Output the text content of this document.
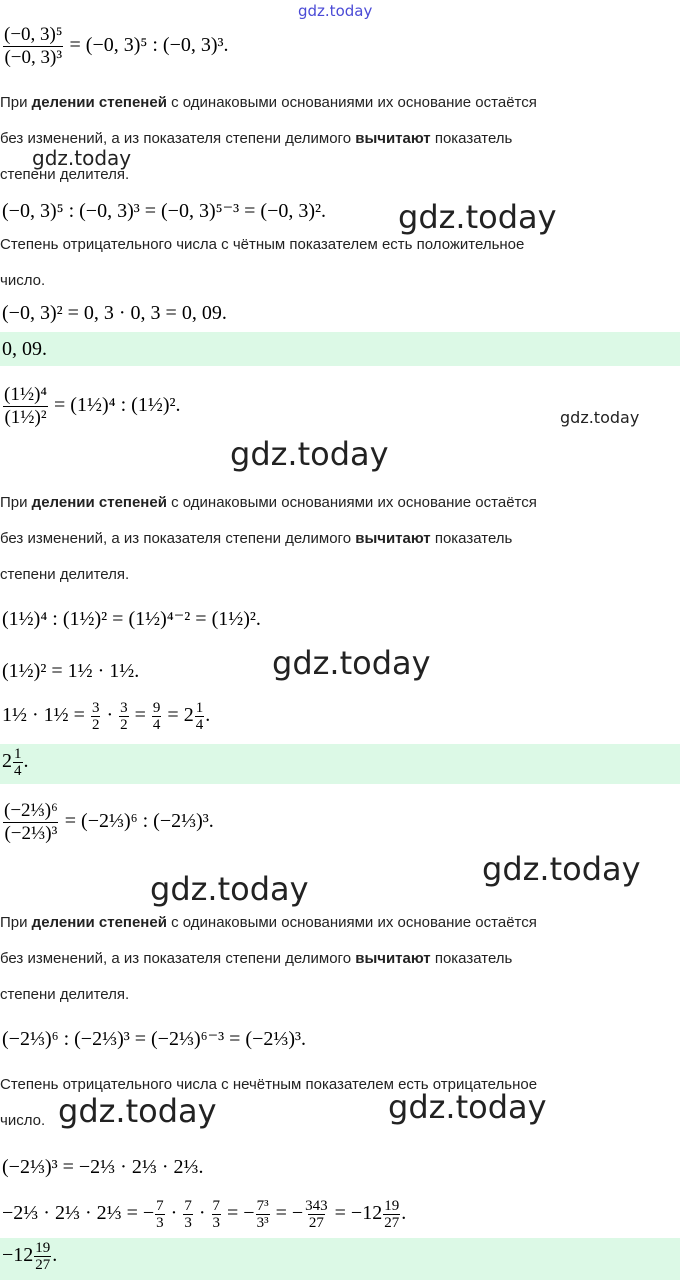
gdz.today
gdz.today
gdz.today
gdz.today
gdz.today
gdz.today
gdz.today
gdz.today
gdz.today	gdz.today
$\frac{\text{(−0, 3)⁵}}{\text{(−0, 3)³}} = (-0$, 3)⁵ : (−0, 3)³.
При делении степеней с одинаковыми основаниями их основание остаётся
без изменений, а из показателя степени делимого вычитают показатель
степени делителя.
(−0, 3)⁵ : (−0, 3)³ = (−0, 3)⁵⁻³ = (−0, 3)².
Степень отрицательного числа с чётным показателем есть положительное
число.
(−0, 3)² = 0, 3 · 0, 3 = 0, 09.
0, 09.
$\frac{\text{(1½)⁴}}{\text{(1½)²}}$ = (1½)⁴ : (1½)².
При делении степеней с одинаковыми основаниями их основание остаётся
без изменений, а из показателя степени делимого вычитают показатель
степени делителя.
(1½)⁴ : (1½)² = (1½)⁴⁻² = (1½)².
(1½)² = 1½ · 1½.
1½ · 1½ = $\frac{3}{2} \cdot \frac{3}{2} = \frac{9}{4} = 2 \frac{1}{4}$ .
$2 \frac{1}{4}$ .
$\frac{\text{(−2⅓)⁶}}{\text{(−2⅓)³}}$ = (−2⅓)⁶ : (−2⅓)³.
При делении степеней с одинаковыми основаниями их основание остаётся
без изменений, а из показателя степени делимого вычитают показатель
степени делителя.
(−2⅓)⁶ : (−2⅓)³ = (−2⅓)⁶⁻³ = (−2⅓)³.
Степень отрицательного числа с нечётным показателем есть отрицательное
число.
(−2⅓)³ = −2⅓ · 2⅓ · 2⅓.
−2⅓ · 2⅓ · 2⅓ = − $\frac{7}{3} \cdot \frac{7}{3} \cdot \frac{7}{3}$ = − $\frac{\text{7³}}{\text{3³}}$ = − $\frac{343}{27} = -12 \frac{19}{27}$ .
$-12 \frac{19}{27}$ .
